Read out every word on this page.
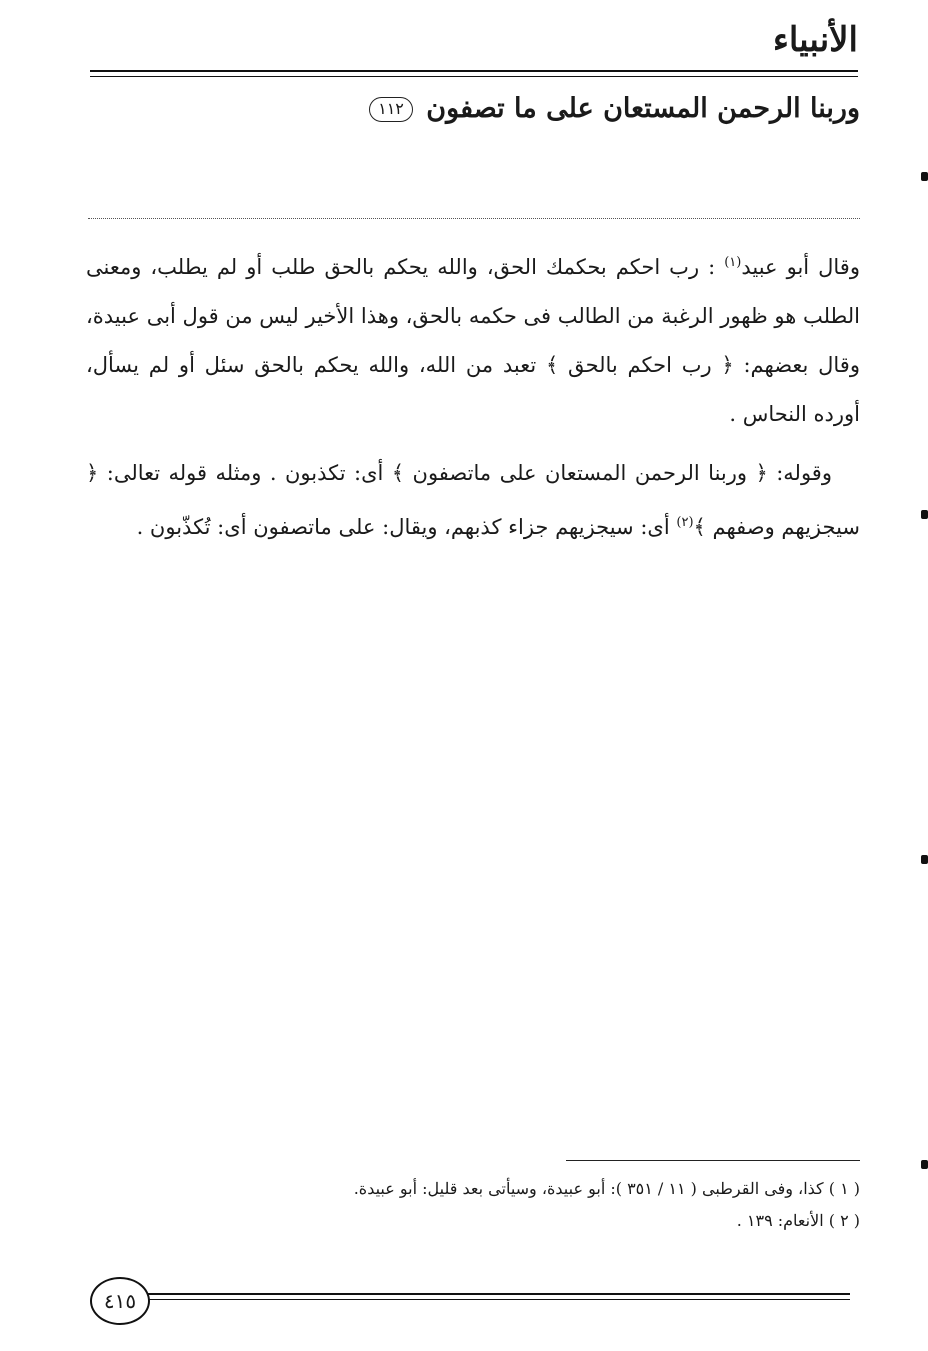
الأنبياء

وربنا الرحمن المستعان على ما تصفون ١١٢

وقال أبو عبيد$^{(١)}$ : رب احكم بحكمك الحق، والله يحكم بالحق طلب أو لم يطلب، ومعنى الطلب هو ظهور الرغبة من الطالب فى حكمه بالحق، وهذا الأخير ليس من قول أبى عبيدة، وقال بعضهم: ﴿ رب احكم بالحق ﴾ تعبد من الله، والله يحكم بالحق سئل أو لم يسأل، أورده النحاس .

وقوله: ﴿ وربنا الرحمن المستعان على ماتصفون ﴾ أى: تكذبون . ومثله قوله تعالى: ﴿ سيجزيهم وصفهم ﴾$^{(٢)}$ أى: سيجزيهم جزاء كذبهم، ويقال: على ماتصفون أى: تُكذّبون .

( ١ ) كذا، وفى القرطبى ( ١١ / ٣٥١ ): أبو عبيدة، وسيأتى بعد قليل: أبو عبيدة.

( ٢ ) الأنعام: ١٣٩ .

٤١٥
